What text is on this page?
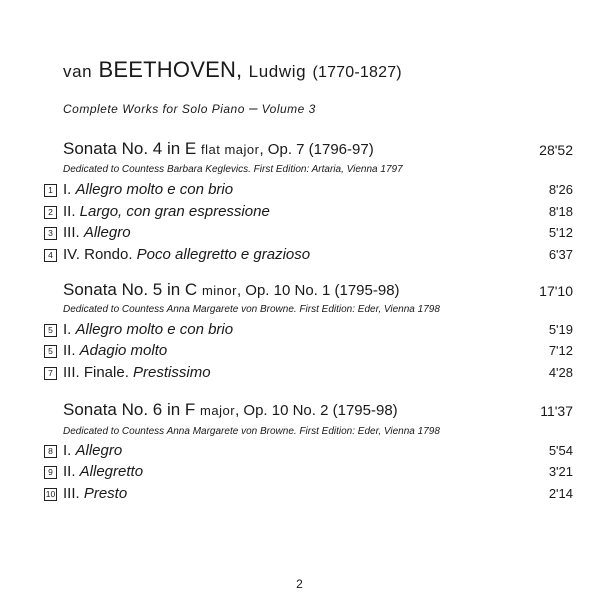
van BEETHOVEN, Ludwig (1770-1827)
Complete Works for Solo Piano – Volume 3
Sonata No. 4 in E flat major, Op. 7 (1796-97)	28'52
Dedicated to Countess Barbara Keglevics. First Edition: Artaria, Vienna 1797
1 I. Allegro molto e con brio	8'26
2 II. Largo, con gran espressione	8'18
3 III. Allegro	5'12
4 IV. Rondo. Poco allegretto e grazioso	6'37
Sonata No. 5 in C minor, Op. 10 No. 1 (1795-98)	17'10
Dedicated to Countess Anna Margarete von Browne. First Edition: Eder, Vienna 1798
5 I. Allegro molto e con brio	5'19
5 II. Adagio molto	7'12
7 III. Finale. Prestissimo	4'28
Sonata No. 6 in F major, Op. 10 No. 2 (1795-98)	11'37
Dedicated to Countess Anna Margarete von Browne. First Edition: Eder, Vienna 1798
8 I. Allegro	5'54
9 II. Allegretto	3'21
10 III. Presto	2'14
2
